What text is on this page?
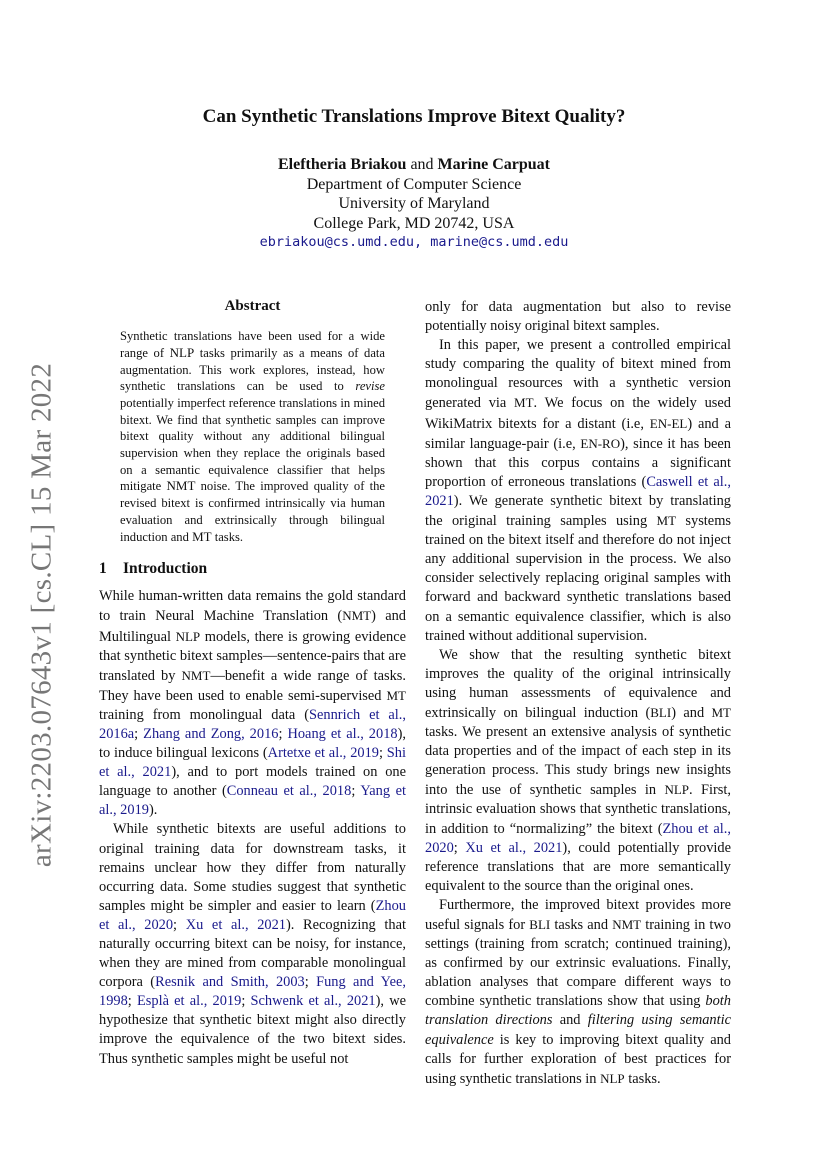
arXiv:2203.07643v1 [cs.CL] 15 Mar 2022
Can Synthetic Translations Improve Bitext Quality?
Eleftheria Briakou and Marine Carpuat
Department of Computer Science
University of Maryland
College Park, MD 20742, USA
ebriakou@cs.umd.edu, marine@cs.umd.edu
Abstract
Synthetic translations have been used for a wide range of NLP tasks primarily as a means of data augmentation. This work explores, instead, how synthetic translations can be used to revise potentially imperfect reference translations in mined bitext. We find that synthetic samples can improve bitext quality without any additional bilingual supervision when they replace the originals based on a semantic equivalence classifier that helps mitigate NMT noise. The improved quality of the revised bitext is confirmed intrinsically via human evaluation and extrinsically through bilingual induction and MT tasks.
1 Introduction

While human-written data remains the gold standard to train Neural Machine Translation (NMT) and Multilingual NLP models, there is growing evidence that synthetic bitext samples—sentence-pairs that are translated by NMT—benefit a wide range of tasks. They have been used to enable semi-supervised MT training from monolingual data (Sennrich et al., 2016a; Zhang and Zong, 2016; Hoang et al., 2018), to induce bilingual lexicons (Artetxe et al., 2019; Shi et al., 2021), and to port models trained on one language to another (Conneau et al., 2018; Yang et al., 2019).

While synthetic bitexts are useful additions to original training data for downstream tasks, it remains unclear how they differ from naturally occurring data. Some studies suggest that synthetic samples might be simpler and easier to learn (Zhou et al., 2020; Xu et al., 2021). Recognizing that naturally occurring bitext can be noisy, for instance, when they are mined from comparable monolingual corpora (Resnik and Smith, 2003; Fung and Yee, 1998; Esplà et al., 2019; Schwenk et al., 2021), we hypothesize that synthetic bitext might also directly improve the equivalence of the two bitext sides. Thus synthetic samples might be useful not

only for data augmentation but also to revise potentially noisy original bitext samples.

In this paper, we present a controlled empirical study comparing the quality of bitext mined from monolingual resources with a synthetic version generated via MT. We focus on the widely used WikiMatrix bitexts for a distant (i.e, EN-EL) and a similar language-pair (i.e, EN-RO), since it has been shown that this corpus contains a significant proportion of erroneous translations (Caswell et al., 2021). We generate synthetic bitext by translating the original training samples using MT systems trained on the bitext itself and therefore do not inject any additional supervision in the process. We also consider selectively replacing original samples with forward and backward synthetic translations based on a semantic equivalence classifier, which is also trained without additional supervision.

We show that the resulting synthetic bitext improves the quality of the original intrinsically using human assessments of equivalence and extrinsically on bilingual induction (BLI) and MT tasks. We present an extensive analysis of synthetic data properties and of the impact of each step in its generation process. This study brings new insights into the use of synthetic samples in NLP. First, intrinsic evaluation shows that synthetic translations, in addition to “normalizing” the bitext (Zhou et al., 2020; Xu et al., 2021), could potentially provide reference translations that are more semantically equivalent to the source than the original ones.

Furthermore, the improved bitext provides more useful signals for BLI tasks and NMT training in two settings (training from scratch; continued training), as confirmed by our extrinsic evaluations. Finally, ablation analyses that compare different ways to combine synthetic translations show that using both translation directions and filtering using semantic equivalence is key to improving bitext quality and calls for further exploration of best practices for using synthetic translations in NLP tasks.
